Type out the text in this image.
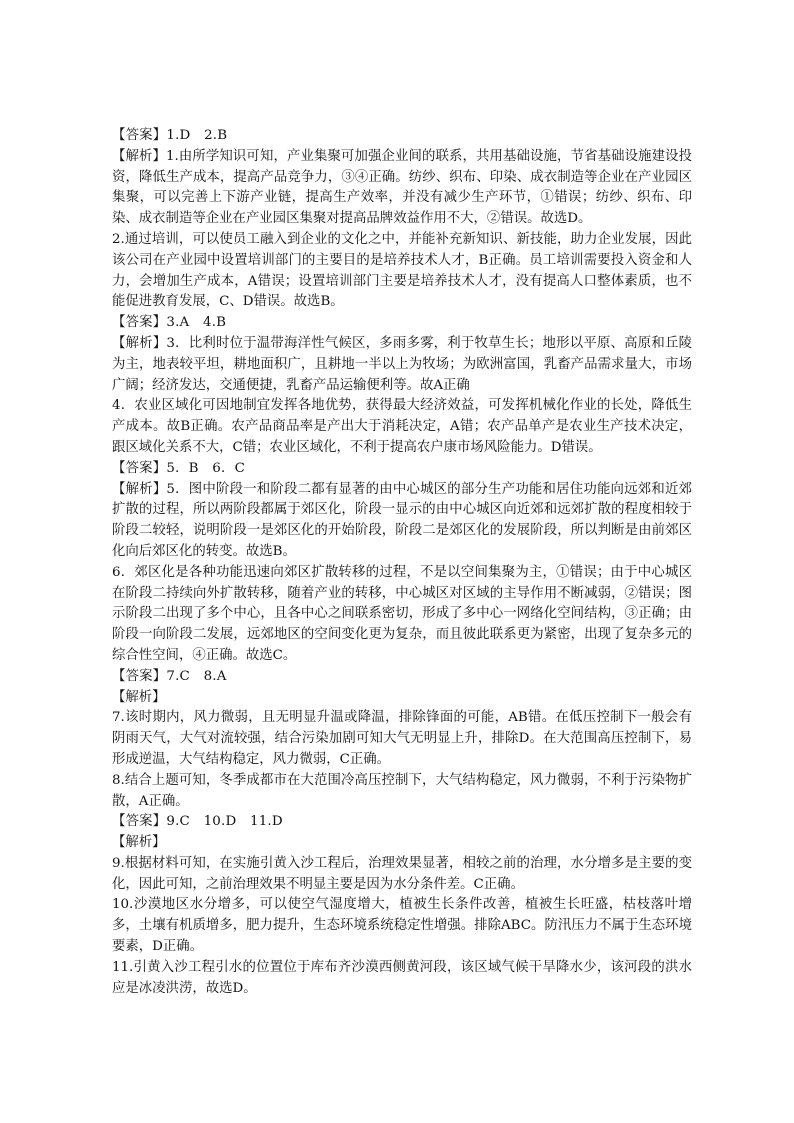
【答案】1.D　2.B

【解析】1.由所学知识可知，产业集聚可加强企业间的联系，共用基础设施，节省基础设施建设投资，降低生产成本，提高产品竞争力，③④正确。纺纱、织布、印染、成衣制造等企业在产业园区集聚，可以完善上下游产业链，提高生产效率，并没有减少生产环节，①错误；纺纱、织布、印染、成衣制造等企业在产业园区集聚对提高品牌效益作用不大，②错误。故选D。

2.通过培训，可以使员工融入到企业的文化之中，并能补充新知识、新技能，助力企业发展，因此该公司在产业园中设置培训部门的主要目的是培养技术人才，B正确。员工培训需要投入资金和人力，会增加生产成本，A错误；设置培训部门主要是培养技术人才，没有提高人口整体素质，也不能促进教育发展，C、D错误。故选B。

【答案】3.A　4.B

【解析】3．比利时位于温带海洋性气候区，多雨多雾，利于牧草生长；地形以平原、高原和丘陵为主，地表较平坦，耕地面积广，且耕地一半以上为牧场；为欧洲富国，乳畜产品需求量大，市场广阔；经济发达，交通便捷，乳畜产品运输便利等。故A正确

4．农业区域化可因地制宜发挥各地优势，获得最大经济效益，可发挥机械化作业的长处，降低生产成本。故B正确。农产品商品率是产出大于消耗决定，A错；农产品单产是农业生产技术决定，跟区域化关系不大，C错；农业区域化，不利于提高农户康市场风险能力。D错误。

【答案】5．B　6．C

【解析】5．图中阶段一和阶段二都有显著的由中心城区的部分生产功能和居住功能向远郊和近郊扩散的过程，所以两阶段都属于郊区化，阶段一显示的由中心城区向近郊和远郊扩散的程度相较于阶段二较轻，说明阶段一是郊区化的开始阶段，阶段二是郊区化的发展阶段，所以判断是由前郊区化向后郊区化的转变。故选B。

6．郊区化是各种功能迅速向郊区扩散转移的过程，不是以空间集聚为主，①错误；由于中心城区在阶段二持续向外扩散转移，随着产业的转移，中心城区对区域的主导作用不断减弱，②错误；图示阶段二出现了多个中心，且各中心之间联系密切，形成了多中心一网络化空间结构，③正确；由阶段一向阶段二发展，远郊地区的空间变化更为复杂，而且彼此联系更为紧密，出现了复杂多元的综合性空间，④正确。故选C。

【答案】7.C　8.A

【解析】

7.该时期内，风力微弱，且无明显升温或降温，排除锋面的可能，AB错。在低压控制下一般会有阴雨天气，大气对流较强，结合污染加剧可知大气无明显上升，排除D。在大范围高压控制下，易形成逆温，大气结构稳定，风力微弱，C正确。

8.结合上题可知，冬季成都市在大范围冷高压控制下，大气结构稳定，风力微弱，不利于污染物扩散，A正确。

【答案】9.C　10.D　11.D

【解析】

9.根据材料可知，在实施引黄入沙工程后，治理效果显著，相较之前的治理，水分增多是主要的变化，因此可知，之前治理效果不明显主要是因为水分条件差。C正确。

10.沙漠地区水分增多，可以使空气湿度增大，植被生长条件改善，植被生长旺盛，枯枝落叶增多，土壤有机质增多，肥力提升，生态环境系统稳定性增强。排除ABC。防汛压力不属于生态环境要素，D正确。

11.引黄入沙工程引水的位置位于库布齐沙漠西侧黄河段，该区域气候干旱降水少，该河段的洪水应是冰凌洪涝，故选D。
